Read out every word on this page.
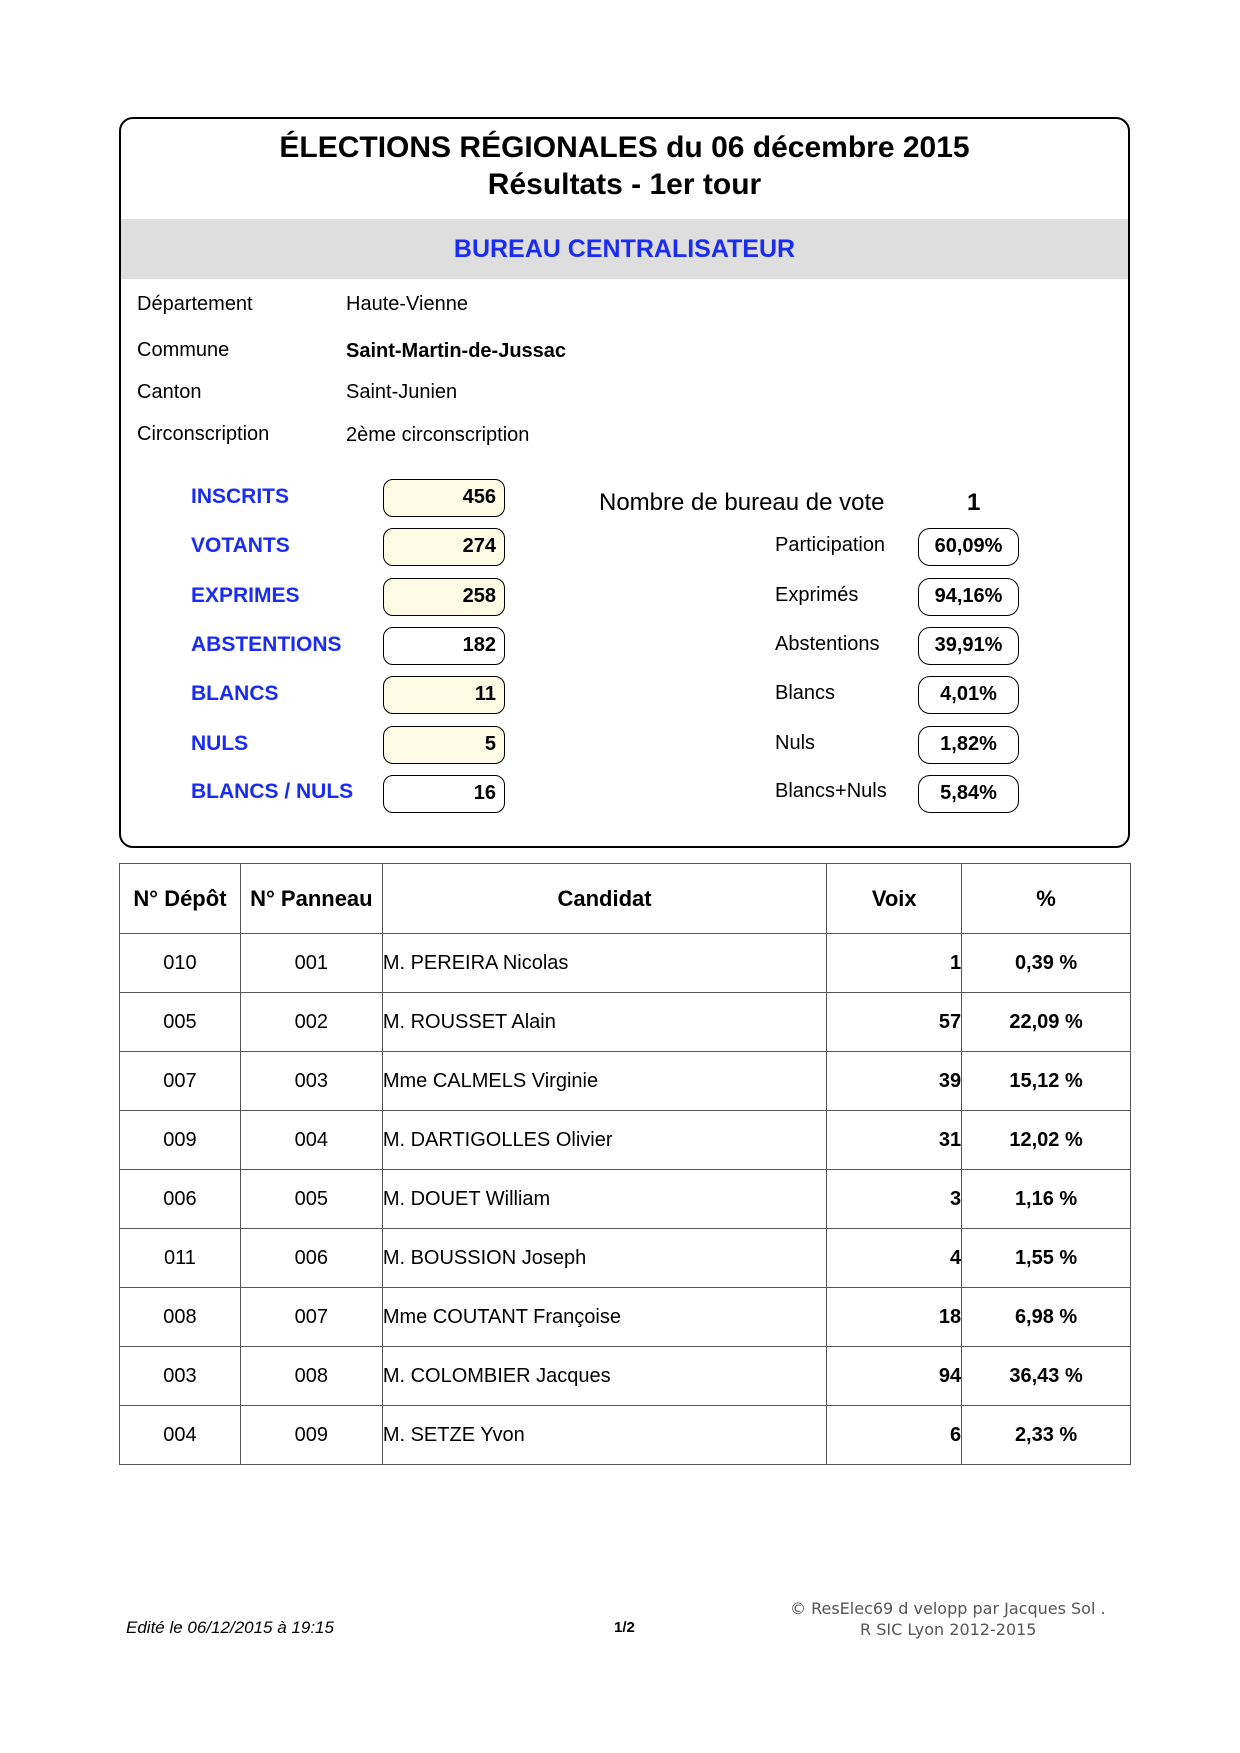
ÉLECTIONS RÉGIONALES du 06 décembre 2015
Résultats - 1er tour
BUREAU CENTRALISATEUR
Département	Haute-Vienne
Commune	Saint-Martin-de-Jussac
Canton	Saint-Junien
Circonscription	2ème circonscription
INSCRITS	456
VOTANTS	274
EXPRIMES	258
ABSTENTIONS	182
BLANCS	11
NULS	5
BLANCS / NULS	16
Nombre de bureau de vote	1
Participation	60,09%
Exprimés	94,16%
Abstentions	39,91%
Blancs	4,01%
Nuls	1,82%
Blancs+Nuls	5,84%
N° Dépôt	N° Panneau	Candidat	Voix	%
010	001	M. PEREIRA Nicolas	1	0,39 %
005	002	M. ROUSSET Alain	57	22,09 %
007	003	Mme CALMELS Virginie	39	15,12 %
009	004	M. DARTIGOLLES Olivier	31	12,02 %
006	005	M. DOUET William	3	1,16 %
011	006	M. BOUSSION Joseph	4	1,55 %
008	007	Mme COUTANT Françoise	18	6,98 %
003	008	M. COLOMBIER Jacques	94	36,43 %
004	009	M. SETZE Yvon	6	2,33 %
Edité le 06/12/2015 à 19:15	1/2
© ResElec69 d velopp par Jacques Sol .
R SIC Lyon 2012-2015
